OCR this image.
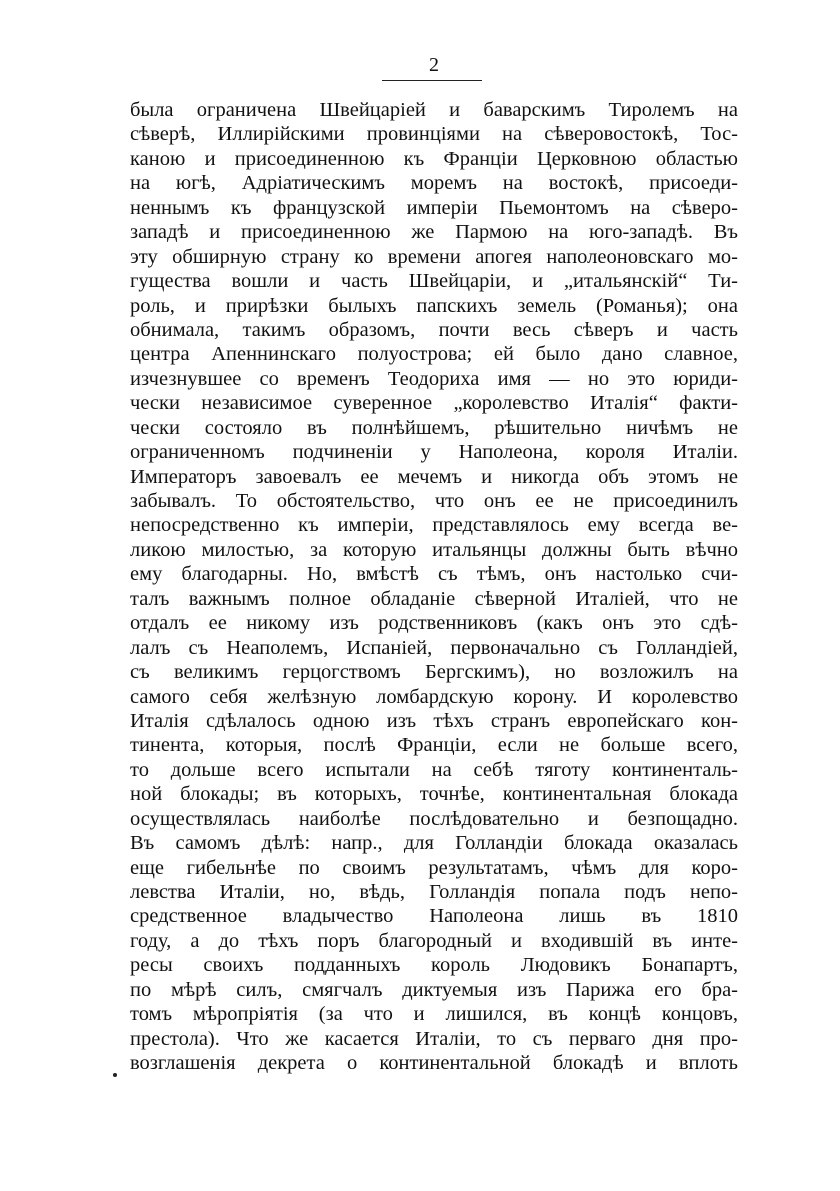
2
была ограничена Швейцаріей и баварскимъ Тиролемъ на
сѣверѣ, Иллирійскими провинціями на сѣверовостокѣ, Тос-
каною и присоединенною къ Франціи Церковною областью
на югѣ, Адріатическимъ моремъ на востокѣ, присоеди-
неннымъ къ французской имперіи Пьемонтомъ на сѣверо-
западѣ и присоединенною же Пармою на юго-западѣ. Въ
эту обширную страну ко времени апогея наполеоновскаго мо-
гущества вошли и часть Швейцаріи, и „итальянскій“ Ти-
роль, и прирѣзки былыхъ папскихъ земель (Романья); она
обнимала, такимъ образомъ, почти весь сѣверъ и часть
центра Апеннинскаго полуострова; ей было дано славное,
изчезнувшее со временъ Теодориха имя — но это юриди-
чески независимое суверенное „королевство Италія“ факти-
чески состояло въ полнѣйшемъ, рѣшительно ничѣмъ не
ограниченномъ подчиненіи у Наполеона, короля Италіи.
Императоръ завоевалъ ее мечемъ и никогда объ этомъ не
забывалъ. То обстоятельство, что онъ ее не присоединилъ
непосредственно къ имперіи, представлялось ему всегда ве-
ликою милостью, за которую итальянцы должны быть вѣчно
ему благодарны. Но, вмѣстѣ съ тѣмъ, онъ настолько счи-
талъ важнымъ полное обладаніе сѣверной Италіей, что не
отдалъ ее никому изъ родственниковъ (какъ онъ это сдѣ-
лалъ съ Неаполемъ, Испаніей, первоначально съ Голландіей,
съ великимъ герцогствомъ Бергскимъ), но возложилъ на
самого себя желѣзную ломбардскую корону. И королевство
Италія сдѣлалось одною изъ тѣхъ странъ европейскаго кон-
тинента, которыя, послѣ Франціи, если не больше всего,
то дольше всего испытали на себѣ тяготу континенталь-
ной блокады; въ которыхъ, точнѣе, континентальная блокада
осуществлялась наиболѣе послѣдовательно и безпощадно.
Въ самомъ дѣлѣ: напр., для Голландіи блокада оказалась
еще гибельнѣе по своимъ результатамъ, чѣмъ для коро-
левства Италіи, но, вѣдь, Голландія попала подъ непо-
средственное владычество Наполеона лишь въ 1810
году, а до тѣхъ поръ благородный и входившій въ инте-
ресы своихъ подданныхъ король Людовикъ Бонапартъ,
по мѣрѣ силъ, смягчалъ диктуемыя изъ Парижа его бра-
томъ мѣропріятія (за что и лишился, въ концѣ концовъ,
престола). Что же касается Италіи, то съ перваго дня про-
возглашенія декрета о континентальной блокадѣ и вплоть
